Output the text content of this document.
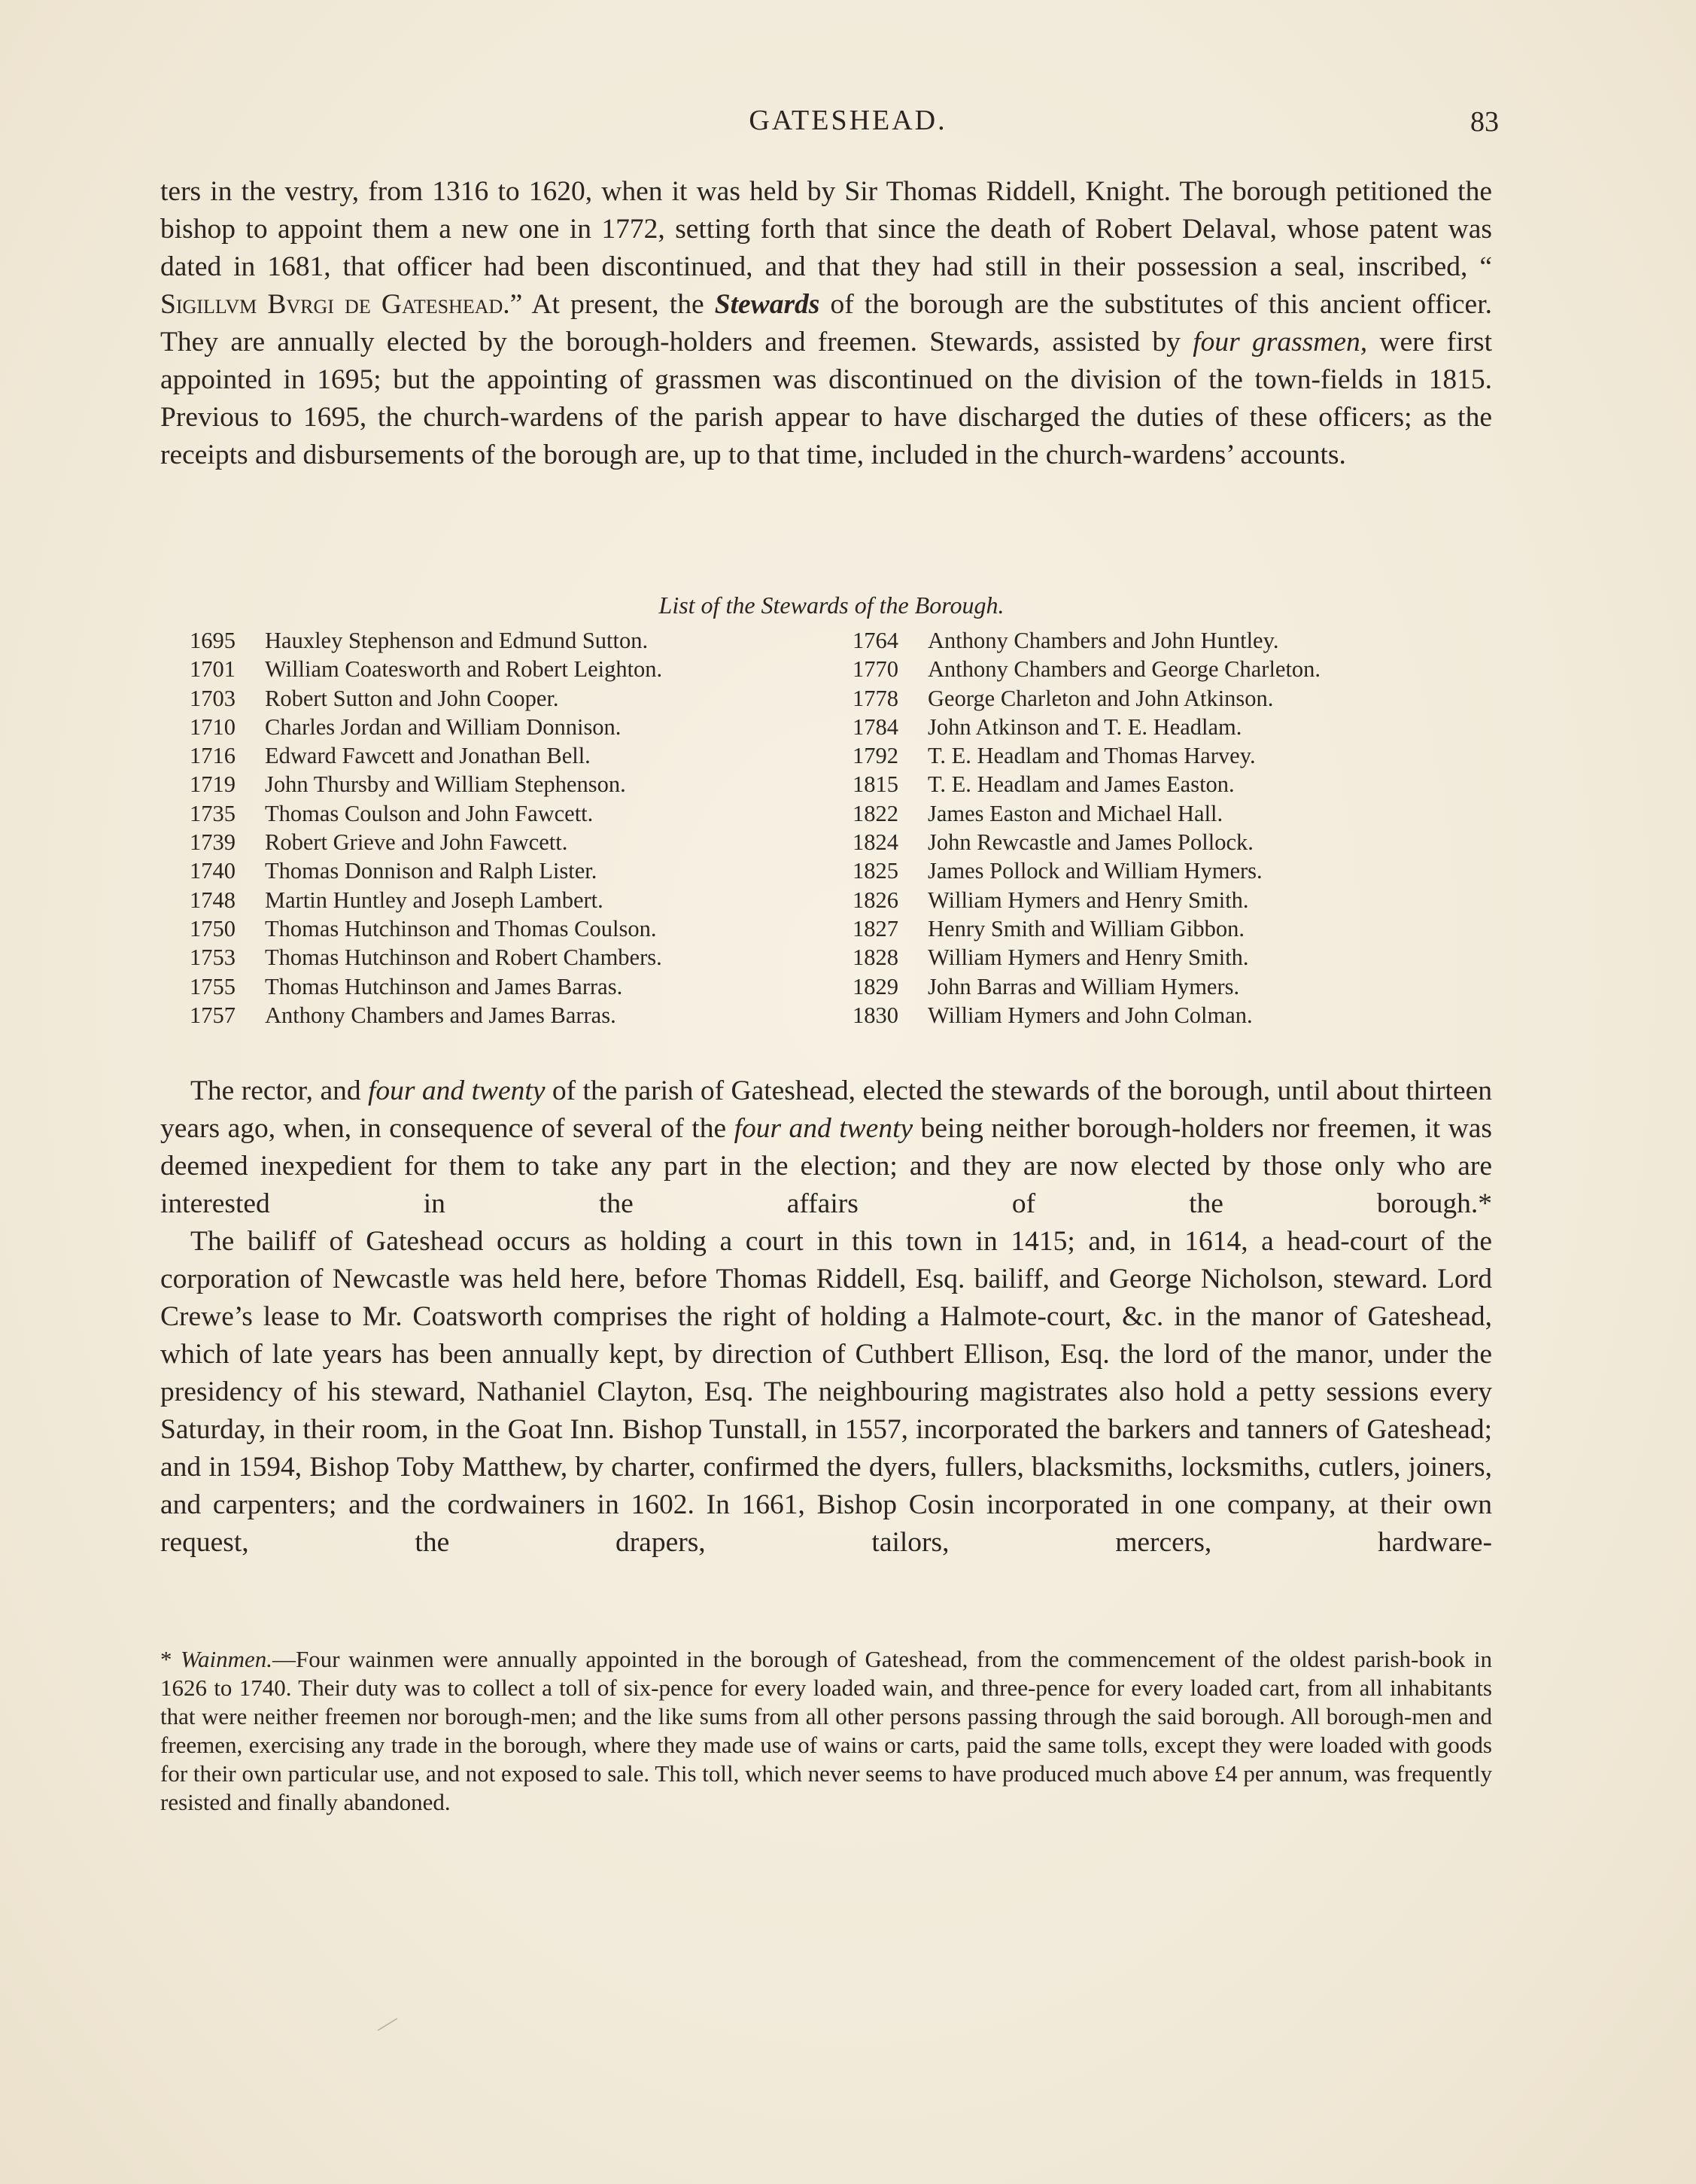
GATESHEAD.	83

ters in the vestry, from 1316 to 1620, when it was held by Sir Thomas Riddell, Knight. The borough petitioned the bishop to appoint them a new one in 1772, setting forth that since the death of Robert Delaval, whose patent was dated in 1681, that officer had been discontinued, and that they had still in their possession a seal, inscribed, “ Sigillvm Bvrgi de Gateshead.” At present, the Stewards of the borough are the substitutes of this ancient officer. They are annually elected by the borough-holders and freemen. Stewards, assisted by four grassmen, were first appointed in 1695; but the appointing of grassmen was discontinued on the division of the town-fields in 1815. Previous to 1695, the church-wardens of the parish appear to have discharged the duties of these officers; as the receipts and disbursements of the borough are, up to that time, included in the church-wardens’ accounts.

List of the Stewards of the Borough.
1695 Hauxley Stephenson and Edmund Sutton.
1701 William Coatesworth and Robert Leighton.
1703 Robert Sutton and John Cooper.
1710 Charles Jordan and William Donnison.
1716 Edward Fawcett and Jonathan Bell.
1719 John Thursby and William Stephenson.
1735 Thomas Coulson and John Fawcett.
1739 Robert Grieve and John Fawcett.
1740 Thomas Donnison and Ralph Lister.
1748 Martin Huntley and Joseph Lambert.
1750 Thomas Hutchinson and Thomas Coulson.
1753 Thomas Hutchinson and Robert Chambers.
1755 Thomas Hutchinson and James Barras.
1757 Anthony Chambers and James Barras.
1764 Anthony Chambers and John Huntley.
1770 Anthony Chambers and George Charleton.
1778 George Charleton and John Atkinson.
1784 John Atkinson and T. E. Headlam.
1792 T. E. Headlam and Thomas Harvey.
1815 T. E. Headlam and James Easton.
1822 James Easton and Michael Hall.
1824 John Rewcastle and James Pollock.
1825 James Pollock and William Hymers.
1826 William Hymers and Henry Smith.
1827 Henry Smith and William Gibbon.
1828 William Hymers and Henry Smith.
1829 John Barras and William Hymers.
1830 William Hymers and John Colman.

The rector, and four and twenty of the parish of Gateshead, elected the stewards of the borough, until about thirteen years ago, when, in consequence of several of the four and twenty being neither borough-holders nor freemen, it was deemed inexpedient for them to take any part in the election; and they are now elected by those only who are interested in the affairs of the borough.*

The bailiff of Gateshead occurs as holding a court in this town in 1415; and, in 1614, a head-court of the corporation of Newcastle was held here, before Thomas Riddell, Esq. bailiff, and George Nicholson, steward. Lord Crewe’s lease to Mr. Coatsworth comprises the right of holding a Halmote-court, &c. in the manor of Gateshead, which of late years has been annually kept, by direction of Cuthbert Ellison, Esq. the lord of the manor, under the presidency of his steward, Nathaniel Clayton, Esq. The neighbouring magistrates also hold a petty sessions every Saturday, in their room, in the Goat Inn. Bishop Tunstall, in 1557, incorporated the barkers and tanners of Gateshead; and in 1594, Bishop Toby Matthew, by charter, confirmed the dyers, fullers, blacksmiths, locksmiths, cutlers, joiners, and carpenters; and the cordwainers in 1602. In 1661, Bishop Cosin incorporated in one company, at their own request, the drapers, tailors, mercers, hardware-

* Wainmen.—Four wainmen were annually appointed in the borough of Gateshead, from the commencement of the oldest parish-book in 1626 to 1740. Their duty was to collect a toll of six-pence for every loaded wain, and three-pence for every loaded cart, from all inhabitants that were neither freemen nor borough-men; and the like sums from all other persons passing through the said borough. All borough-men and freemen, exercising any trade in the borough, where they made use of wains or carts, paid the same tolls, except they were loaded with goods for their own particular use, and not exposed to sale. This toll, which never seems to have produced much above £4 per annum, was frequently resisted and finally abandoned.
